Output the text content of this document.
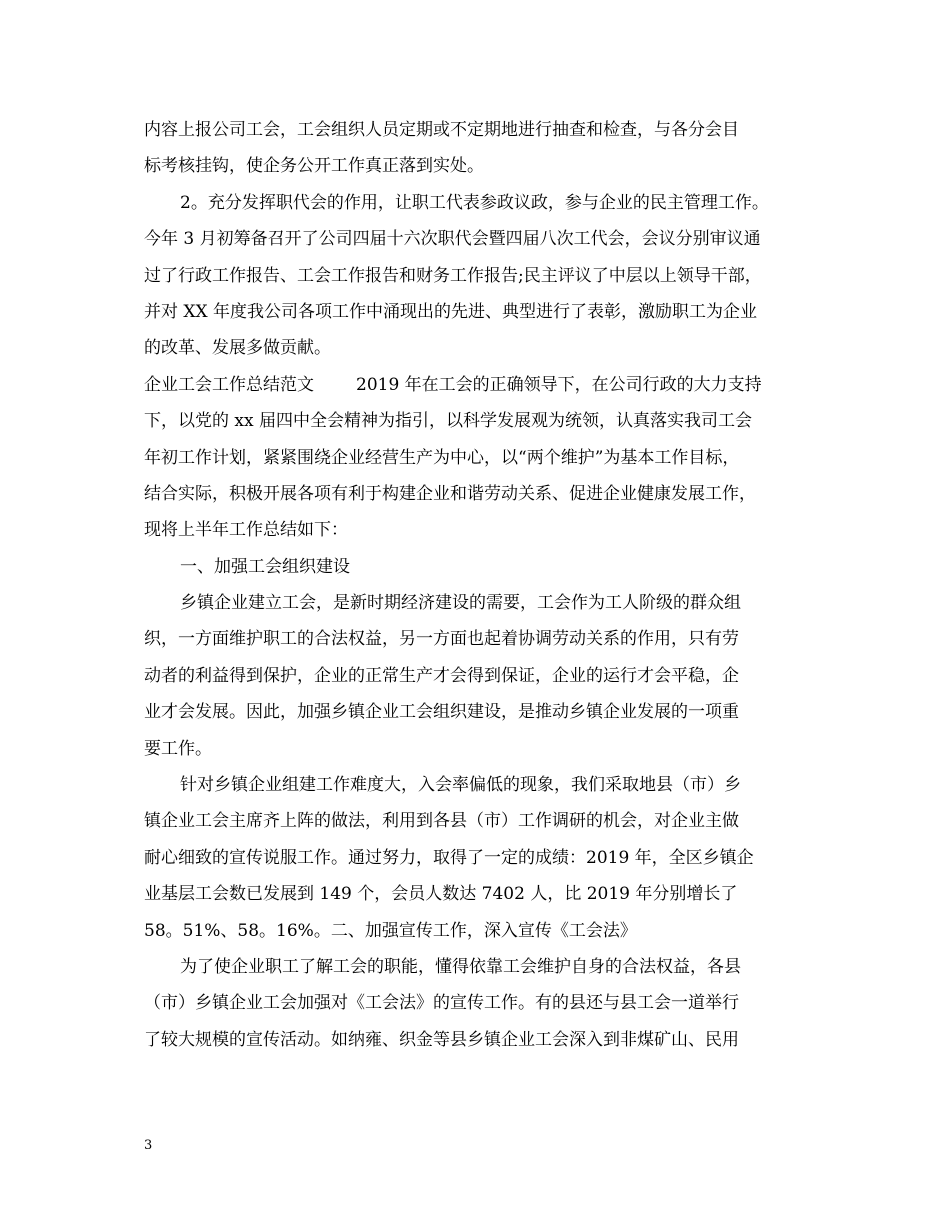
内容上报公司工会，工会组织人员定期或不定期地进行抽查和检查，与各分会目
标考核挂钩，使企务公开工作真正落到实处。
2。充分发挥职代会的作用，让职工代表参政议政，参与企业的民主管理工作。
今年 3 月初筹备召开了公司四届十六次职代会暨四届八次工代会，会议分别审议通
过了行政工作报告、工会工作报告和财务工作报告;民主评议了中层以上领导干部，
并对 XX 年度我公司各项工作中涌现出的先进、典型进行了表彰，激励职工为企业
的改革、发展多做贡献。
企业工会工作总结范文 2019 年在工会的正确领导下，在公司行政的大力支持
下，以党的 xx 届四中全会精神为指引，以科学发展观为统领，认真落实我司工会
年初工作计划，紧紧围绕企业经营生产为中心，以“两个维护”为基本工作目标，
结合实际，积极开展各项有利于构建企业和谐劳动关系、促进企业健康发展工作，
现将上半年工作总结如下：
一、加强工会组织建设
乡镇企业建立工会，是新时期经济建设的需要，工会作为工人阶级的群众组
织，一方面维护职工的合法权益，另一方面也起着协调劳动关系的作用，只有劳
动者的利益得到保护，企业的正常生产才会得到保证，企业的运行才会平稳，企
业才会发展。因此，加强乡镇企业工会组织建设，是推动乡镇企业发展的一项重
要工作。
针对乡镇企业组建工作难度大，入会率偏低的现象，我们采取地县（市）乡
镇企业工会主席齐上阵的做法，利用到各县（市）工作调研的机会，对企业主做
耐心细致的宣传说服工作。通过努力，取得了一定的成绩：2019 年，全区乡镇企
业基层工会数已发展到 149 个，会员人数达 7402 人，比 2019 年分别增长了
58。51%、58。16%。二、加强宣传工作，深入宣传《工会法》
为了使企业职工了解工会的职能，懂得依靠工会维护自身的合法权益，各县
（市）乡镇企业工会加强对《工会法》的宣传工作。有的县还与县工会一道举行
了较大规模的宣传活动。如纳雍、织金等县乡镇企业工会深入到非煤矿山、民用
3
